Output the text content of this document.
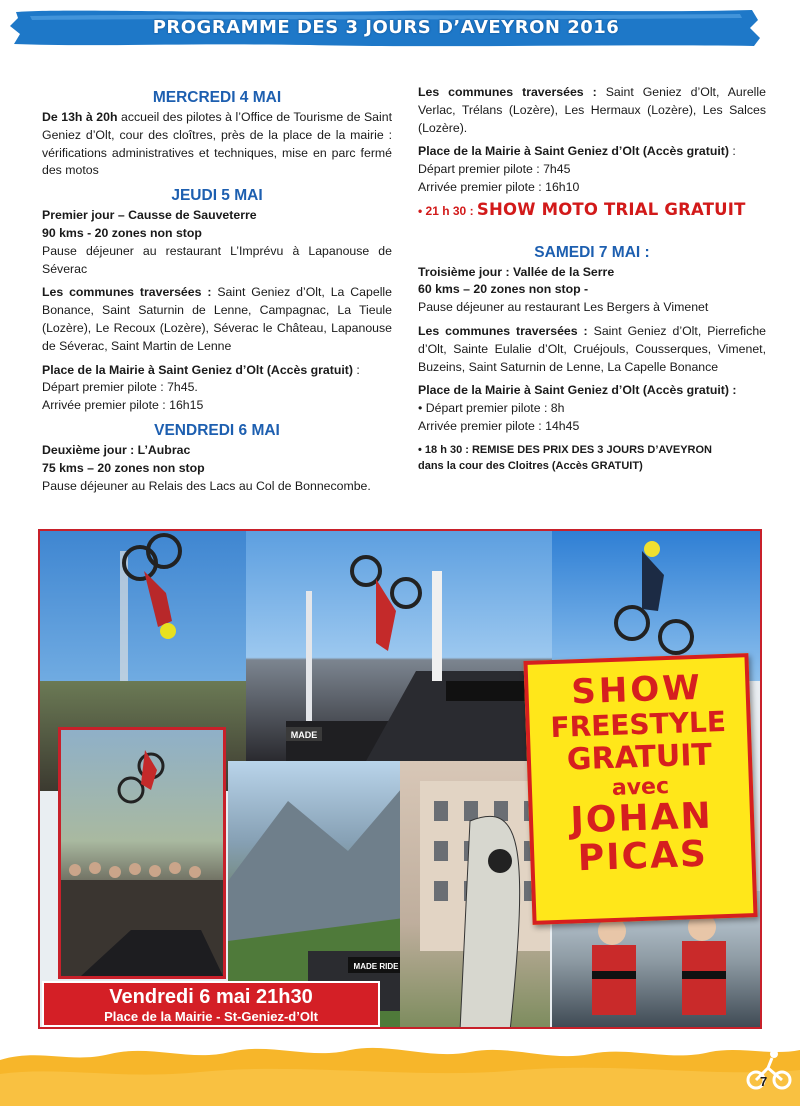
PROGRAMME DES 3 JOURS D’AVEYRON 2016
MERCREDI 4 MAI
De 13h à 20h accueil des pilotes à l’Office de Tourisme de Saint Geniez d’Olt, cour des cloîtres, près de la place de la mairie : vérifications administratives et techniques, mise en parc fermé des motos
JEUDI 5 MAI
Premier jour – Causse de Sauveterre
90 kms - 20 zones non stop
Pause déjeuner au restaurant L’Imprévu à Lapanouse de Séverac
Les communes traversées : Saint Geniez d’Olt, La Capelle Bonance, Saint Saturnin de Lenne, Campagnac, La Tieule (Lozère), Le Recoux (Lozère), Séverac le Château, Lapanouse de Séverac, Saint Martin de Lenne
Place de la Mairie à Saint Geniez d’Olt (Accès gratuit) :
Départ premier pilote : 7h45.
Arrivée premier pilote : 16h15
VENDREDI 6 MAI
Deuxième jour : L’Aubrac
75 kms – 20 zones non stop
Pause déjeuner au Relais des Lacs au Col de Bonnecombe.
Les communes traversées : Saint Geniez d’Olt, Aurelle Verlac, Trélans (Lozère), Les Hermaux (Lozère), Les Salces (Lozère).
Place de la Mairie à Saint Geniez d’Olt (Accès gratuit) :
Départ premier pilote : 7h45
Arrivée premier pilote : 16h10
• 21 h 30 : SHOW MOTO TRIAL GRATUIT
SAMEDI 7 MAI :
Troisième jour : Vallée de la Serre
60 kms – 20 zones non stop -
Pause déjeuner au restaurant Les Bergers à Vimenet
Les communes traversées : Saint Geniez d’Olt, Pierrefiche d’Olt, Sainte Eulalie d’Olt, Cruéjouls, Cousserques, Vimenet, Buzeins, Saint Saturnin de Lenne, La Capelle Bonance
Place de la Mairie à Saint Geniez d’Olt (Accès gratuit) :
• Départ premier pilote : 8h
Arrivée premier pilote : 14h45
• 18 h 30 : REMISE DES PRIX DES 3 JOURS D’AVEYRON
dans la cour des Cloitres (Accès GRATUIT)
MADE
MADE RIDE
SHOW
FREESTYLE
GRATUIT
avec
JOHAN
PICAS
Vendredi 6 mai 21h30
Place de la Mairie - St-Geniez-d’Olt
7
